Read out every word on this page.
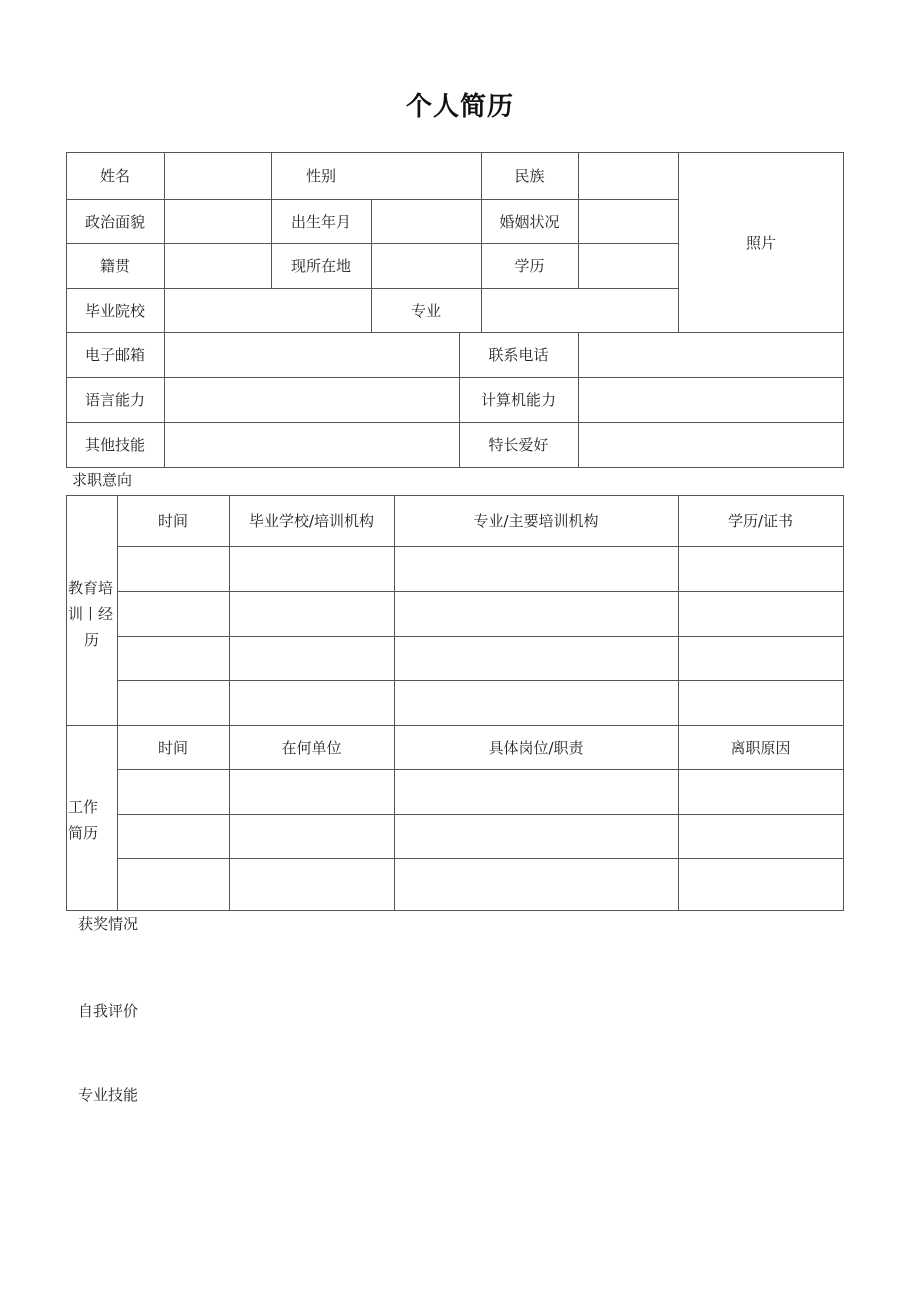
个人简历
姓名	性别	民族
照片
政治面貌	出生年月	婚姻状况
籍贯	现所在地	学历
毕业院校	专业
电子邮箱	联系电话
语言能力	计算机能力
其他技能	特长爱好
求职意向
教育培
训丨经
历
时间	毕业学校/培训机构	专业/主要培训机构	学历/证书
工作
简历
时间	在何单位	具体岗位/职责	离职原因
获奖情况
自我评价
专业技能
